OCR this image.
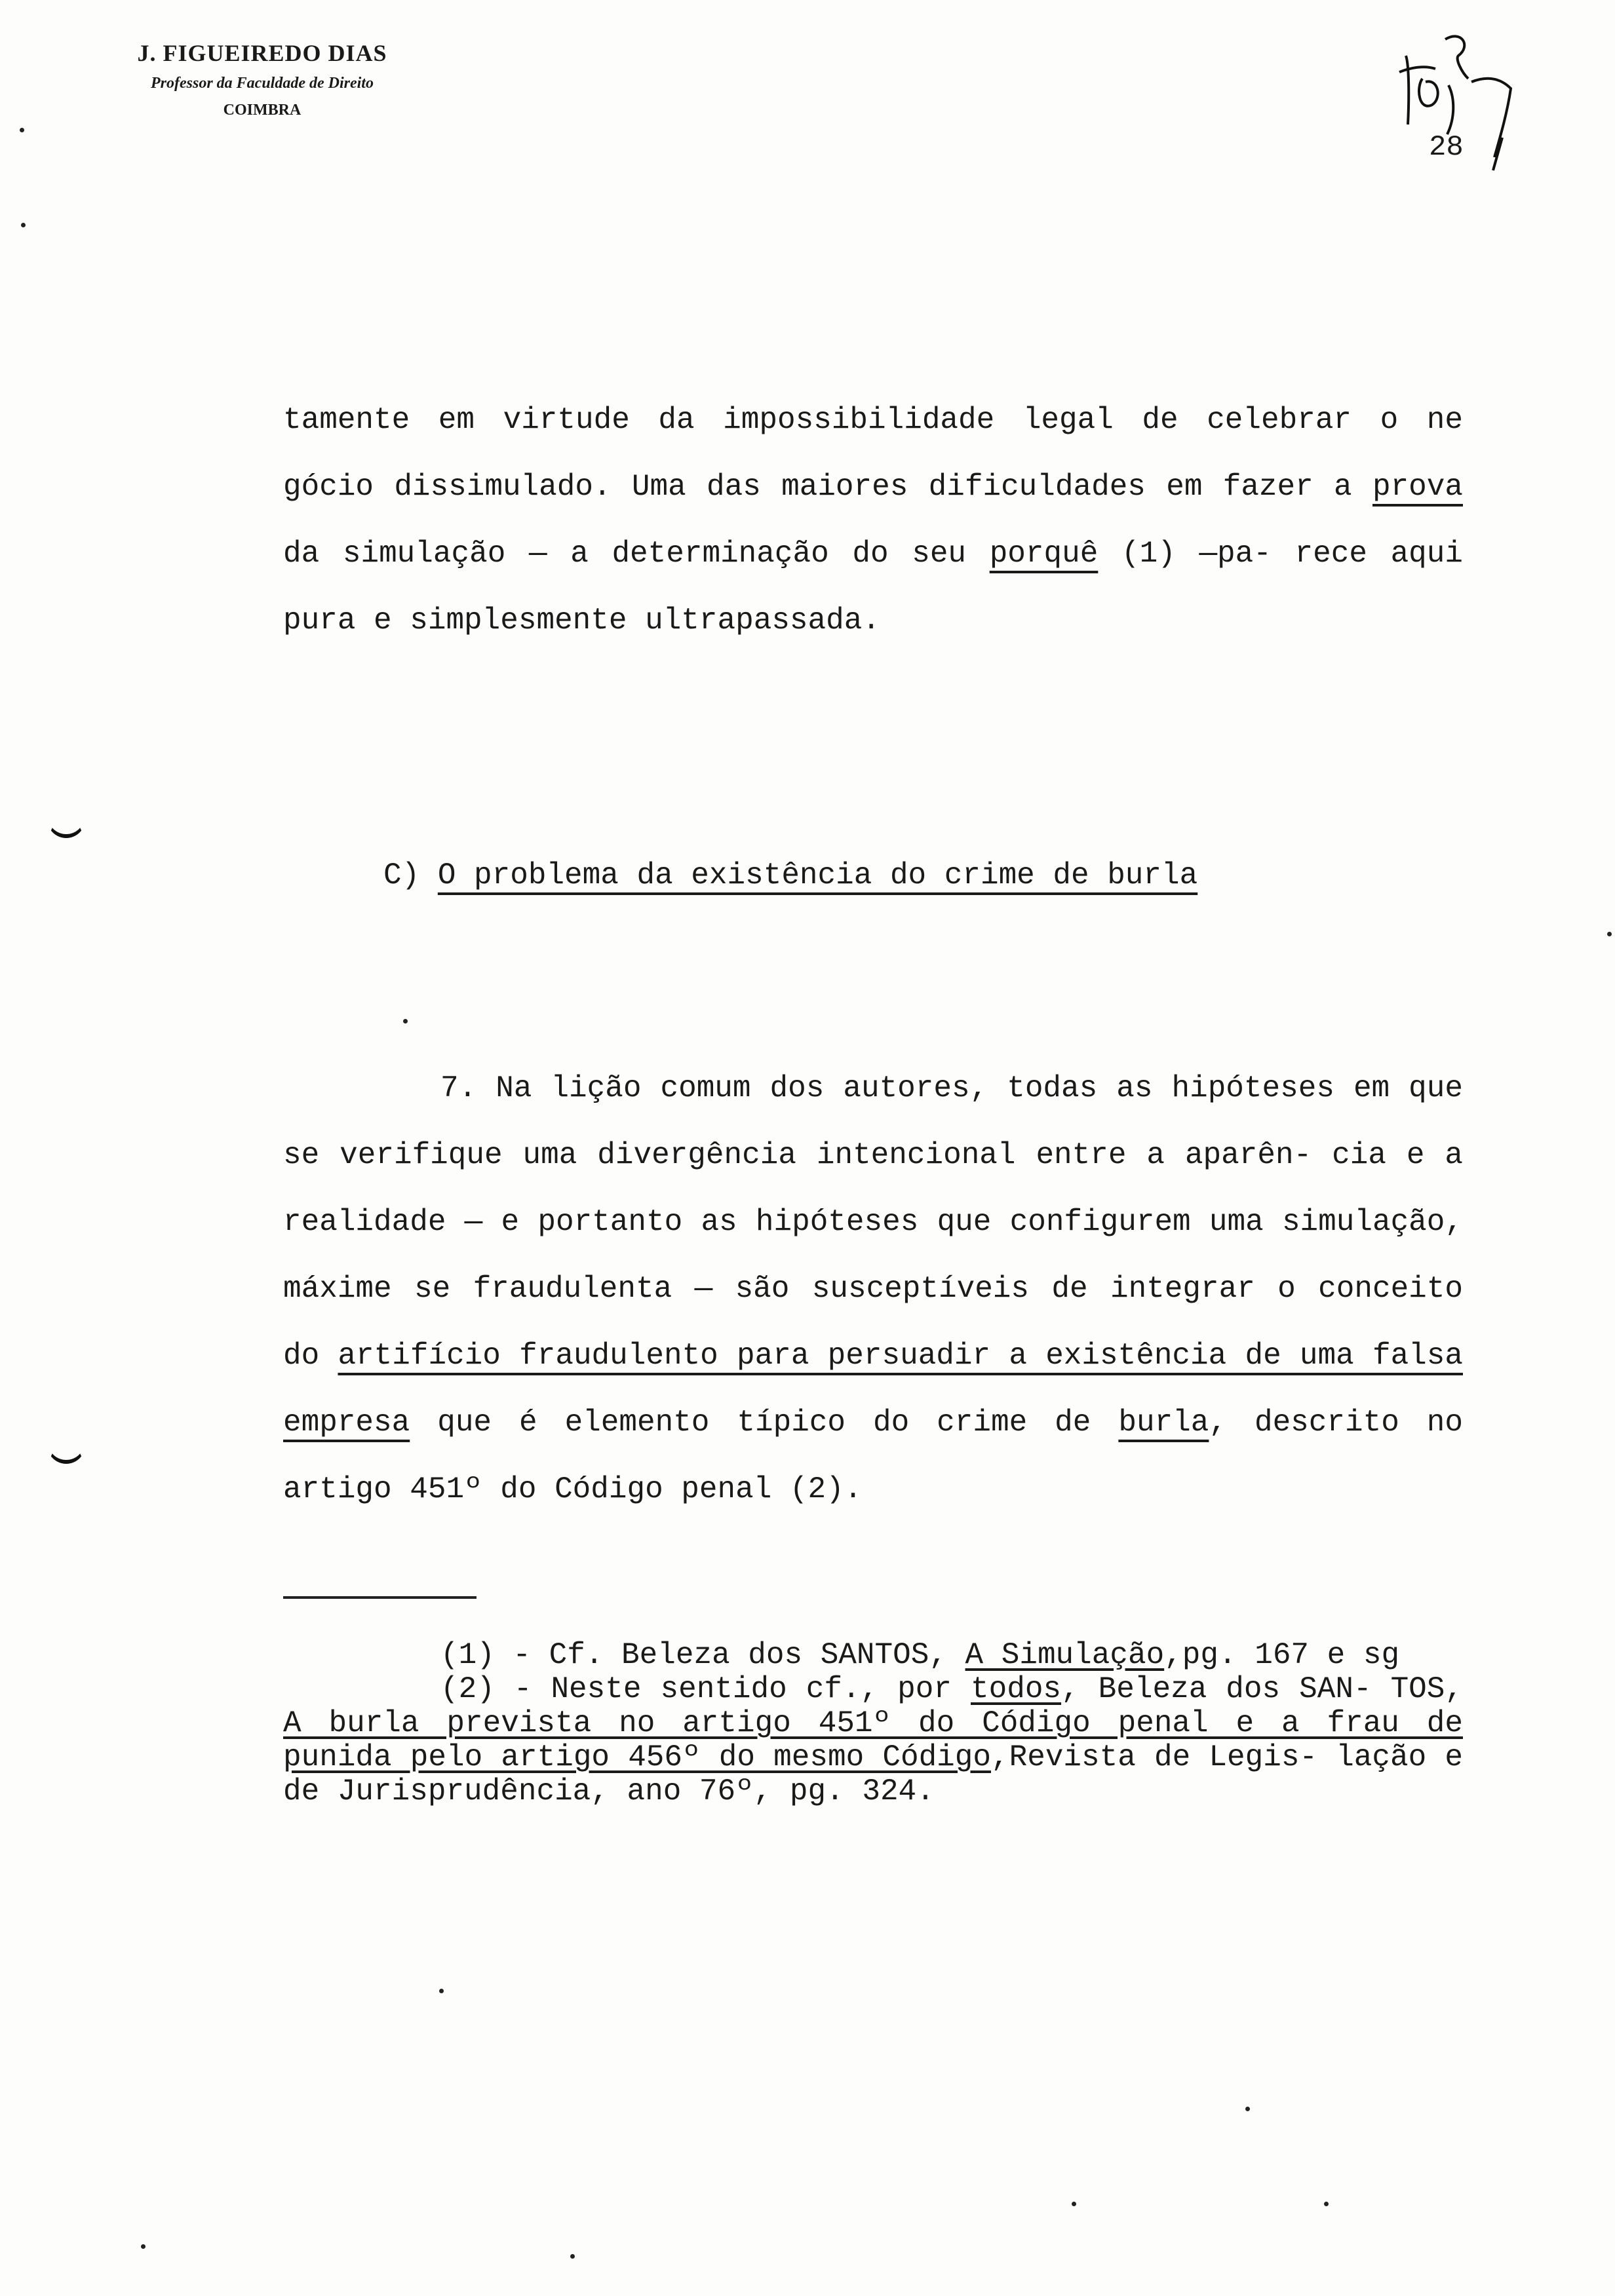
J. FIGUEIREDO DIAS
Professor da Faculdade de Direito
COIMBRA
28
tamente em virtude da impossibilidade legal de celebrar o ne gócio dissimulado. Uma das maiores dificuldades em fazer a prova da simulação — a determinação do seu porquê (1) —pa- rece aqui pura e simplesmente ultrapassada.
C) O problema da existência do crime de burla
7. Na lição comum dos autores, todas as hipóteses em que se verifique uma divergência intencional entre a aparên- cia e a realidade — e portanto as hipóteses que configurem uma simulação, máxime se fraudulenta — são susceptíveis de integrar o conceito do artifício fraudulento para persuadir a existência de uma falsa empresa que é elemento típico do crime de burla, descrito no artigo 451º do Código penal (2).
(1) - Cf. Beleza dos SANTOS, A Simulação,pg. 167 e sg
(2) - Neste sentido cf., por todos, Beleza dos SAN- TOS, A burla prevista no artigo 451º do Código penal e a frau de punida pelo artigo 456º do mesmo Código,Revista de Legis- lação e de Jurisprudência, ano 76º, pg. 324.
